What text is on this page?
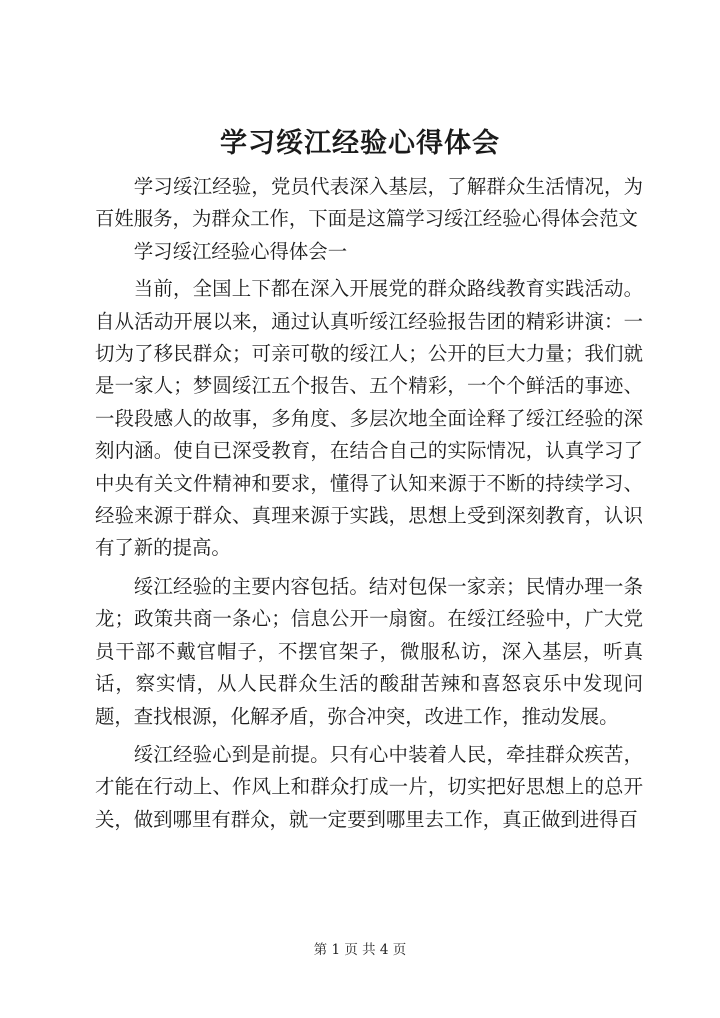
学习绥江经验心得体会

学习绥江经验，党员代表深入基层，了解群众生活情况，为百姓服务，为群众工作，下面是这篇学习绥江经验心得体会范文

学习绥江经验心得体会一

当前，全国上下都在深入开展党的群众路线教育实践活动。自从活动开展以来，通过认真听绥江经验报告团的精彩讲演：一切为了移民群众；可亲可敬的绥江人；公开的巨大力量；我们就是一家人；梦圆绥江五个报告、五个精彩，一个个鲜活的事迹、一段段感人的故事，多角度、多层次地全面诠释了绥江经验的深刻内涵。使自已深受教育，在结合自己的实际情况，认真学习了中央有关文件精神和要求，懂得了认知来源于不断的持续学习、经验来源于群众、真理来源于实践，思想上受到深刻教育，认识有了新的提高。

绥江经验的主要内容包括。结对包保一家亲；民情办理一条龙；政策共商一条心；信息公开一扇窗。在绥江经验中，广大党员干部不戴官帽子，不摆官架子，微服私访，深入基层，听真话，察实情，从人民群众生活的酸甜苦辣和喜怒哀乐中发现问题，查找根源，化解矛盾，弥合冲突，改进工作，推动发展。

绥江经验心到是前提。只有心中装着人民，牵挂群众疾苦，才能在行动上、作风上和群众打成一片，切实把好思想上的总开关，做到哪里有群众，就一定要到哪里去工作，真正做到进得百

第 1 页 共 4 页
